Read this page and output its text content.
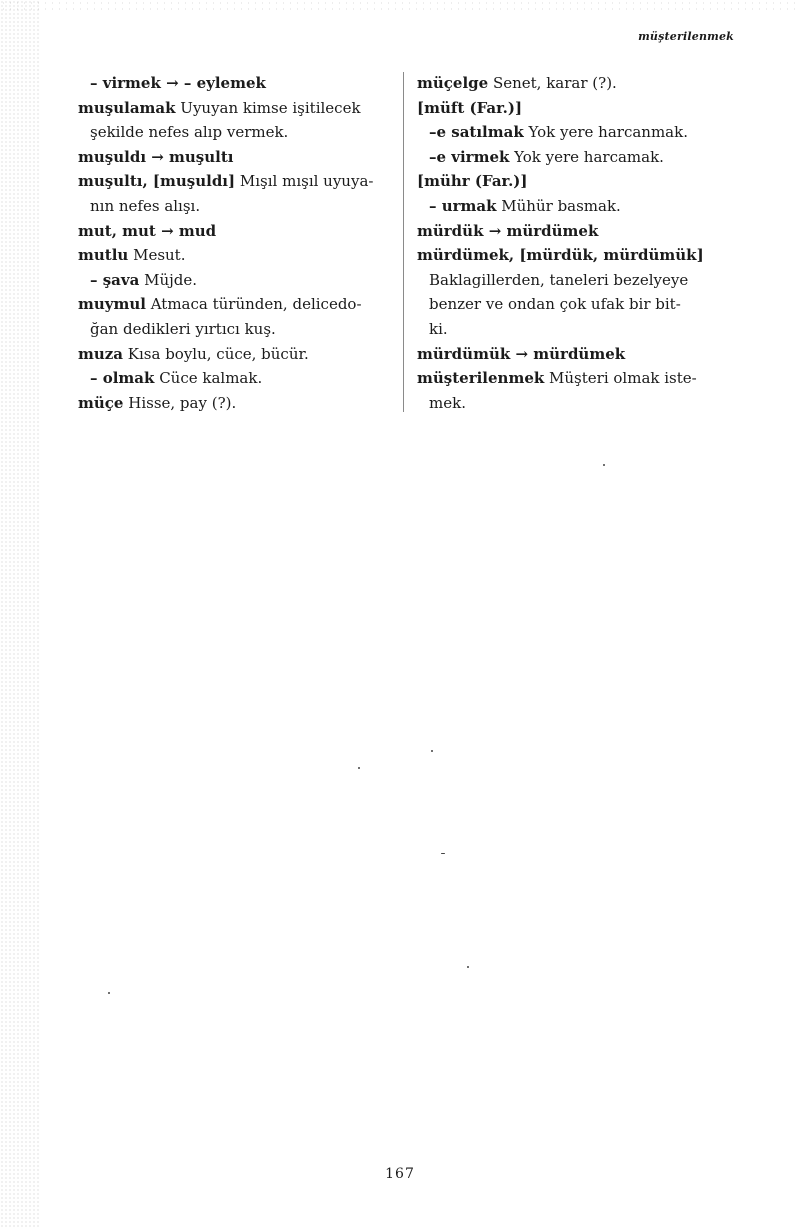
müşterilenmek
– virmek → – eylemek
muşulamak Uyuyan kimse işitilecek
şekilde nefes alıp vermek.
muşuldı → muşultı
muşultı, [muşuldı] Mışıl mışıl uyuya-
nın nefes alışı.
mut, mut → mud
mutlu Mesut.
– şava Müjde.
muymul Atmaca türünden, delicedo-
ğan dedikleri yırtıcı kuş.
muza Kısa boylu, cüce, bücür.
– olmak Cüce kalmak.
müçe Hisse, pay (?).
müçelge Senet, karar (?).
[müft (Far.)]
–e satılmak Yok yere harcanmak.
–e virmek Yok yere harcamak.
[mühr (Far.)]
– urmak Mühür basmak.
mürdük → mürdümek
mürdümek, [mürdük, mürdümük]
Baklagillerden, taneleri bezelyeye
benzer ve ondan çok ufak bir bit-
ki.
mürdümük → mürdümek
müşterilenmek Müşteri olmak iste-
mek.
167
